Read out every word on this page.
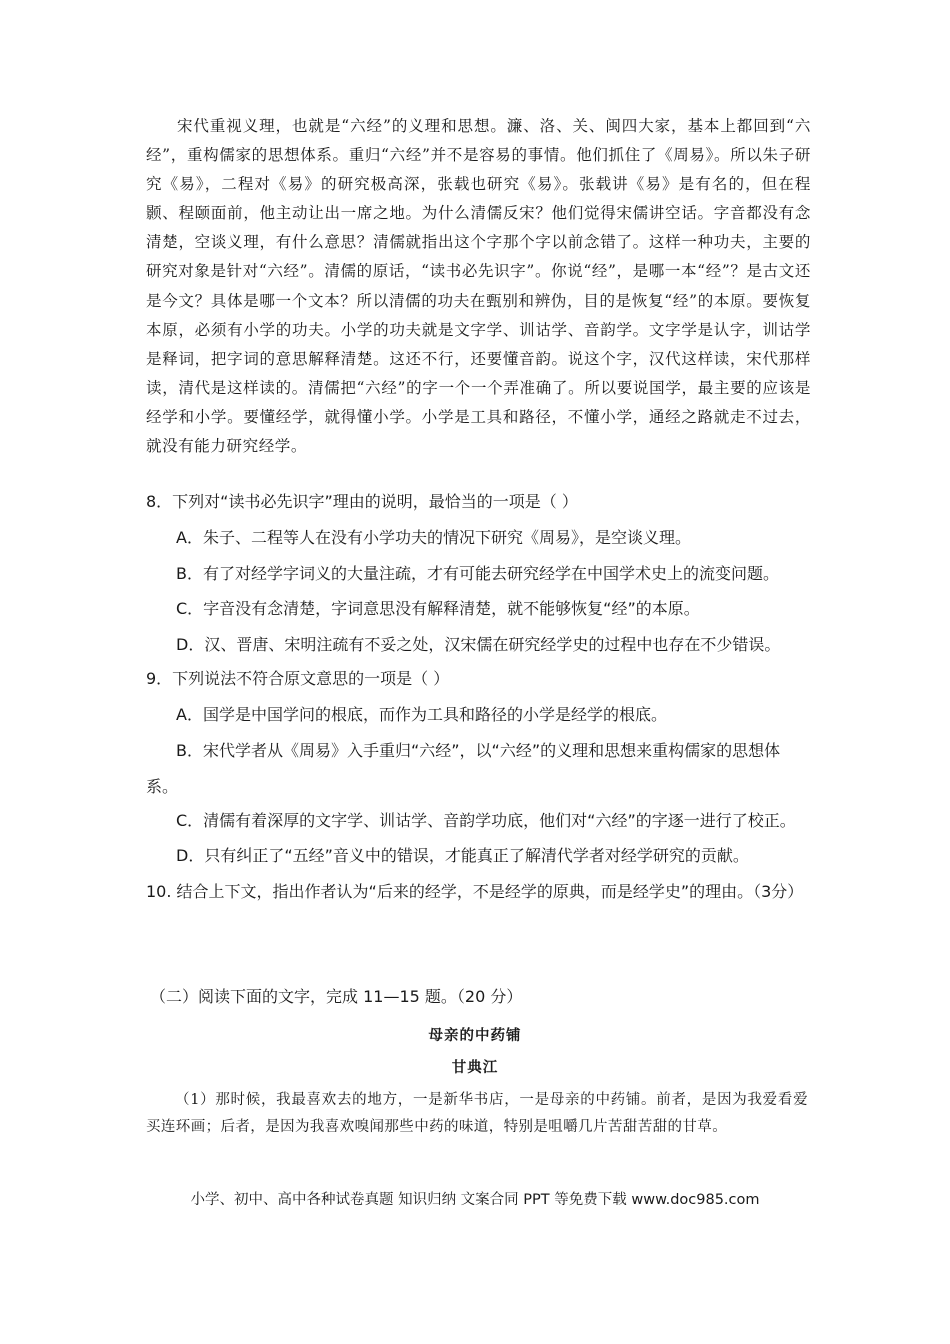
宋代重视义理，也就是“六经”的义理和思想。濂、洛、关、闽四大家，基本上都回到“六经”，重构儒家的思想体系。重归“六经”并不是容易的事情。他们抓住了《周易》。所以朱子研究《易》，二程对《易》的研究极高深，张载也研究《易》。张载讲《易》是有名的，但在程颢、程颐面前，他主动让出一席之地。为什么清儒反宋？他们觉得宋儒讲空话。字音都没有念清楚，空谈义理，有什么意思？清儒就指出这个字那个字以前念错了。这样一种功夫，主要的研究对象是针对“六经”。清儒的原话，“读书必先识字”。你说“经”，是哪一本“经”？是古文还是今文？具体是哪一个文本？所以清儒的功夫在甄别和辨伪，目的是恢复“经”的本原。要恢复本原，必须有小学的功夫。小学的功夫就是文字学、训诂学、音韵学。文字学是认字，训诂学是释词，把字词的意思解释清楚。这还不行，还要懂音韵。说这个字，汉代这样读，宋代那样读，清代是这样读的。清儒把“六经”的字一个一个弄准确了。所以要说国学，最主要的应该是经学和小学。要懂经学，就得懂小学。小学是工具和路径，不懂小学，通经之路就走不过去，就没有能力研究经学。

8．下列对“读书必先识字”理由的说明，最恰当的一项是（ ）
A．朱子、二程等人在没有小学功夫的情况下研究《周易》，是空谈义理。
B．有了对经学字词义的大量注疏，才有可能去研究经学在中国学术史上的流变问题。
C．字音没有念清楚，字词意思没有解释清楚，就不能够恢复“经”的本原。
D．汉、晋唐、宋明注疏有不妥之处，汉宋儒在研究经学史的过程中也存在不少错误。
9．下列说法不符合原文意思的一项是（ ）
A．国学是中国学问的根底，而作为工具和路径的小学是经学的根底。
B．宋代学者从《周易》入手重归“六经”，以“六经”的义理和思想来重构儒家的思想体系。
C．清儒有着深厚的文字学、训诂学、音韵学功底，他们对“六经”的字逐一进行了校正。
D．只有纠正了“五经”音义中的错误，才能真正了解清代学者对经学研究的贡献。
10. 结合上下文，指出作者认为“后来的经学，不是经学的原典，而是经学史”的理由。（3分）
（二）阅读下面的文字，完成 11—15 题。（20 分）
母亲的中药铺
甘典江

（1）那时候，我最喜欢去的地方，一是新华书店，一是母亲的中药铺。前者，是因为我爱看爱买连环画；后者，是因为我喜欢嗅闻那些中药的味道，特别是咀嚼几片苦甜苦甜的甘草。

小学、初中、高中各种试卷真题 知识归纳 文案合同 PPT 等免费下载 www.doc985.com
